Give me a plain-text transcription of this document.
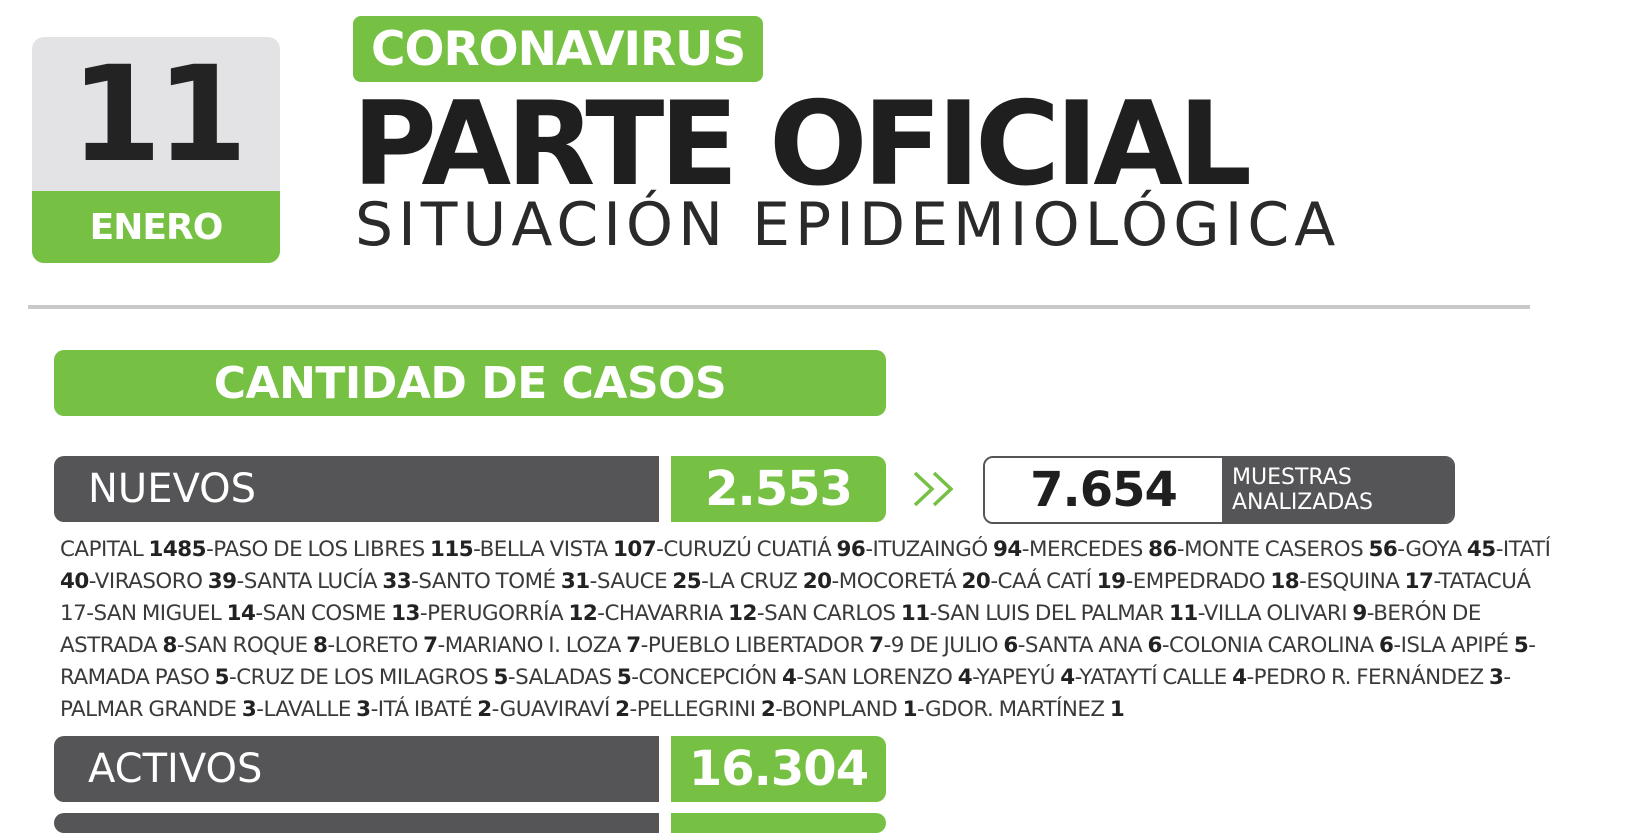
11
ENERO
CORONAVIRUS
PARTE OFICIAL
SITUACIÓN EPIDEMIOLÓGICA
CANTIDAD DE CASOS
NUEVOS	2.553	7.654	MUESTRAS
ANALIZADAS
CAPITAL 1485-PASO DE LOS LIBRES 115-BELLA VISTA 107-CURUZÚ CUATIÁ 96-ITUZAINGÓ 94-MERCEDES 86-MONTE CASEROS 56-GOYA 45-ITATÍ 40-VIRASORO 39-SANTA LUCÍA 33-SANTO TOMÉ 31-SAUCE 25-LA CRUZ 20-MOCORETÁ 20-CAÁ CATÍ 19-EMPEDRADO 18-ESQUINA 17-TATACUÁ 17-SAN MIGUEL 14-SAN COSME 13-PERUGORRÍA 12-CHAVARRIA 12-SAN CARLOS 11-SAN LUIS DEL PALMAR 11-VILLA OLIVARI 9-BERÓN DE ASTRADA 8-SAN ROQUE 8-LORETO 7-MARIANO I. LOZA 7-PUEBLO LIBERTADOR 7-9 DE JULIO 6-SANTA ANA 6-COLONIA CAROLINA 6-ISLA APIPÉ 5-RAMADA PASO 5-CRUZ DE LOS MILAGROS 5-SALADAS 5-CONCEPCIÓN 4-SAN LORENZO 4-YAPEYÚ 4-YATAYTÍ CALLE 4-PEDRO R. FERNÁNDEZ 3-PALMAR GRANDE 3-LAVALLE 3-ITÁ IBATÉ 2-GUAVIRAVÍ 2-PELLEGRINI 2-BONPLAND 1-GDOR. MARTÍNEZ 1
ACTIVOS	16.304
